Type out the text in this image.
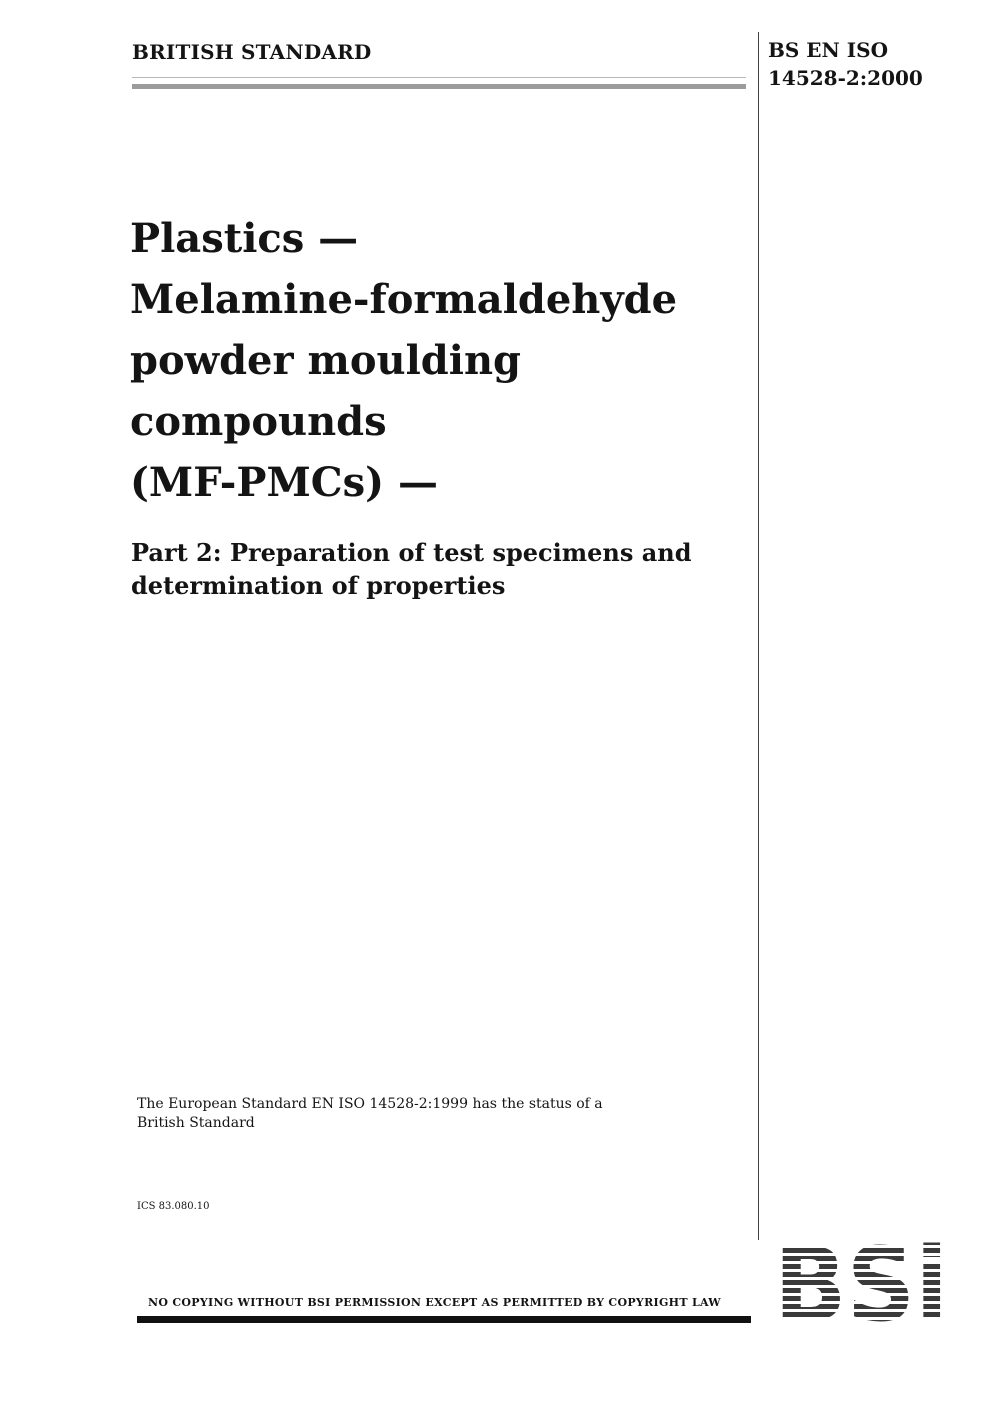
BRITISH STANDARD	BS EN ISO
14528-2:2000
Plastics —
Melamine-formaldehyde
powder moulding
compounds
(MF-PMCs) —
Part 2: Preparation of test specimens and
determination of properties
The European Standard EN ISO 14528-2:1999 has the status of a
British Standard
ICS 83.080.10
NO COPYING WITHOUT BSI PERMISSION EXCEPT AS PERMITTED BY COPYRIGHT LAW
